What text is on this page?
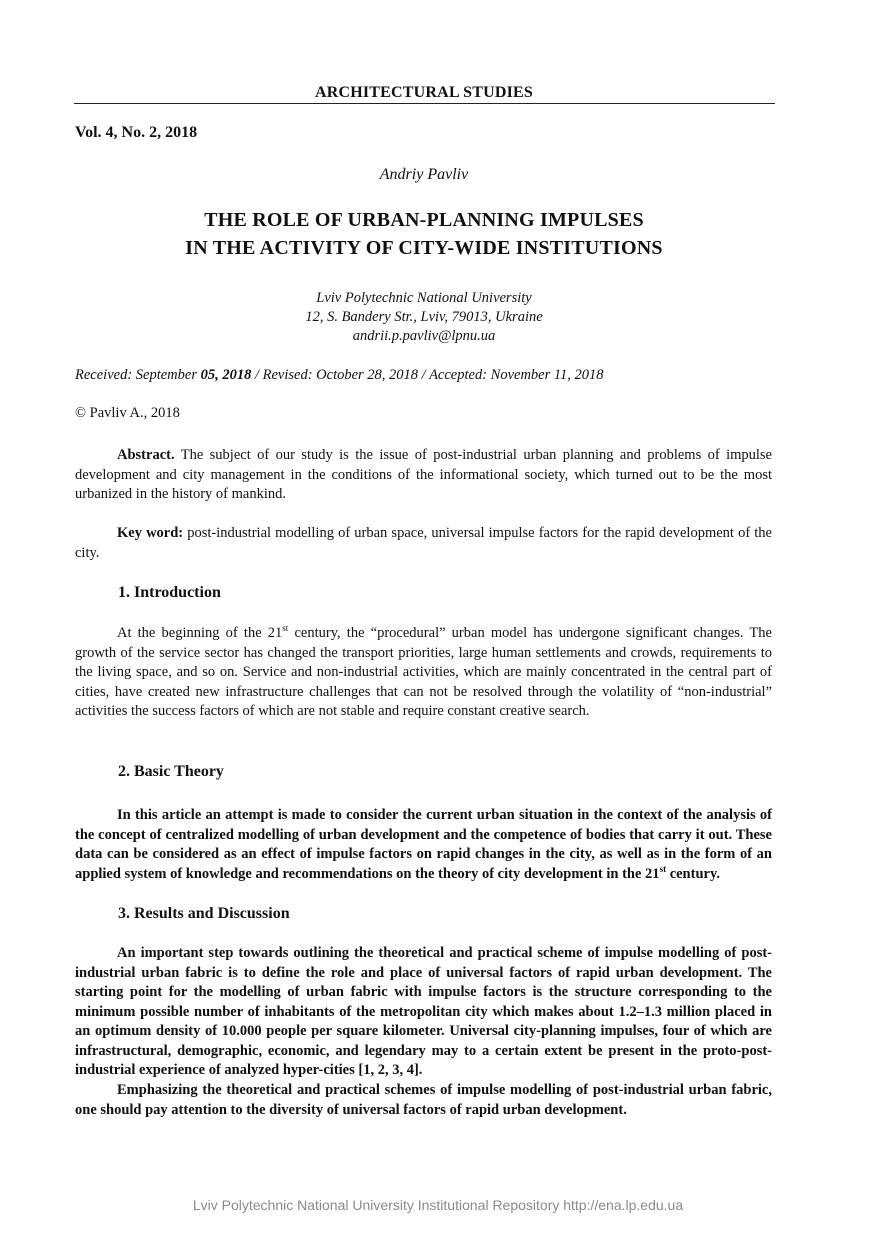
ARCHITECTURAL STUDIES
Vol. 4, No. 2, 2018
Andriy Pavliv
THE ROLE OF URBAN-PLANNING IMPULSES
IN THE ACTIVITY OF CITY-WIDE INSTITUTIONS
Lviv Polytechnic National University
12, S. Bandery Str., Lviv, 79013, Ukraine
andrii.p.pavliv@lpnu.ua
Received: September 05, 2018 / Revised: October 28, 2018 / Accepted: November 11, 2018
© Pavliv A., 2018

Abstract. The subject of our study is the issue of post-industrial urban planning and problems of impulse development and city management in the conditions of the informational society, which turned out to be the most urbanized in the history of mankind.

Key word: post-industrial modelling of urban space, universal impulse factors for the rapid development of the city.

1. Introduction

At the beginning of the 21st century, the “procedural” urban model has undergone significant changes. The growth of the service sector has changed the transport priorities, large human settlements and crowds, requirements to the living space, and so on. Service and non-industrial activities, which are mainly concentrated in the central part of cities, have created new infrastructure challenges that can not be resolved through the volatility of “non-industrial” activities the success factors of which are not stable and require constant creative search.

2. Basic Theory

In this article an attempt is made to consider the current urban situation in the context of the analysis of the concept of centralized modelling of urban development and the competence of bodies that carry it out. These data can be considered as an effect of impulse factors on rapid changes in the city, as well as in the form of an applied system of knowledge and recommendations on the theory of city development in the 21st century.

3. Results and Discussion

An important step towards outlining the theoretical and practical scheme of impulse modelling of post-industrial urban fabric is to define the role and place of universal factors of rapid urban development. The starting point for the modelling of urban fabric with impulse factors is the structure corresponding to the minimum possible number of inhabitants of the metropolitan city which makes about 1.2–1.3 million placed in an optimum density of 10.000 people per square kilometer. Universal city-planning impulses, four of which are infrastructural, demographic, economic, and legendary may to a certain extent be present in the proto-post-industrial experience of analyzed hyper-cities [1, 2, 3, 4].

Emphasizing the theoretical and practical schemes of impulse modelling of post-industrial urban fabric, one should pay attention to the diversity of universal factors of rapid urban development.

Lviv Polytechnic National University Institutional Repository http://ena.lp.edu.ua
